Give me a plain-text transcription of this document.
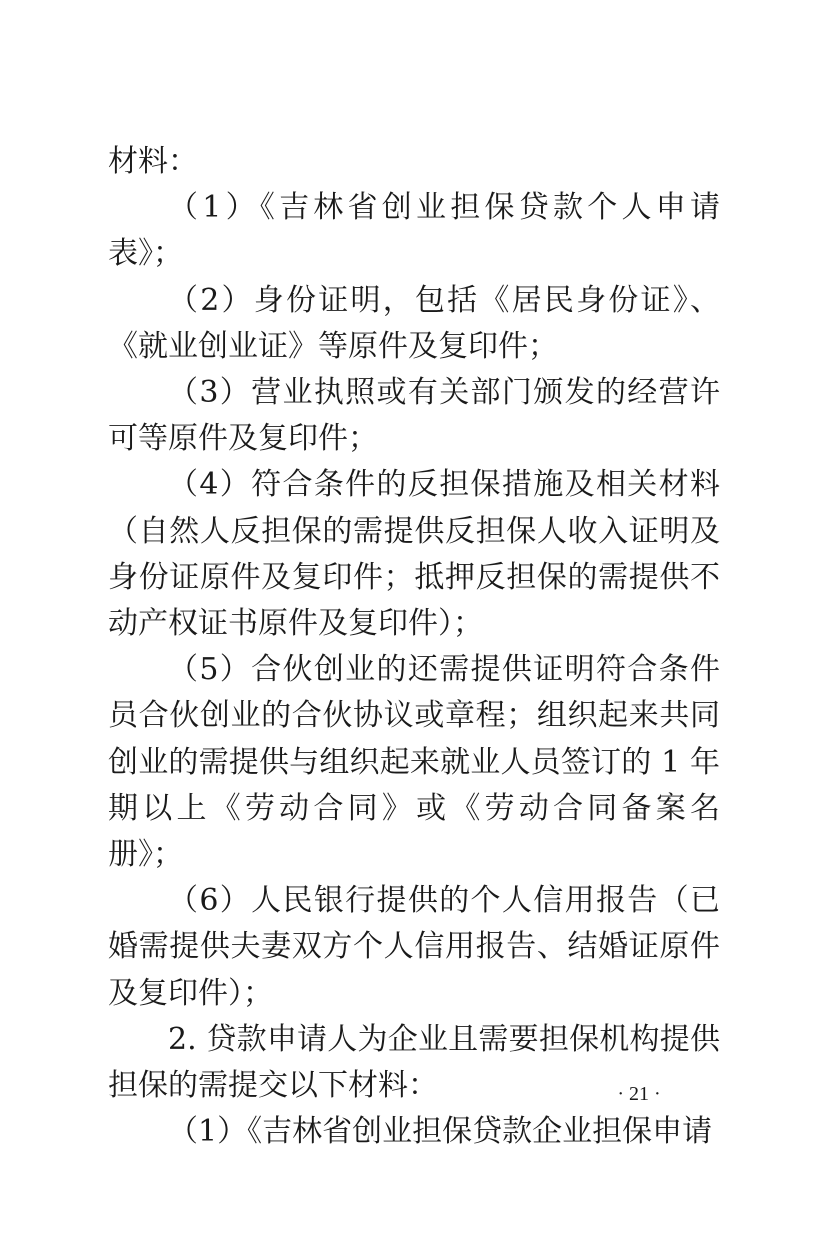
材料：

（1）《吉林省创业担保贷款个人申请表》；

（2）身份证明，包括《居民身份证》、《就业创业证》等原件及复印件；

（3）营业执照或有关部门颁发的经营许可等原件及复印件；

（4）符合条件的反担保措施及相关材料（自然人反担保的需提供反担保人收入证明及身份证原件及复印件；抵押反担保的需提供不动产权证书原件及复印件）；

（5）合伙创业的还需提供证明符合条件员合伙创业的合伙协议或章程；组织起来共同创业的需提供与组织起来就业人员签订的 1 年期以上《劳动合同》或《劳动合同备案名册》；

（6）人民银行提供的个人信用报告（已婚需提供夫妻双方个人信用报告、结婚证原件及复印件）；

2. 贷款申请人为企业且需要担保机构提供担保的需提交以下材料：

（1）《吉林省创业担保贷款企业担保申请

· 21 ·
